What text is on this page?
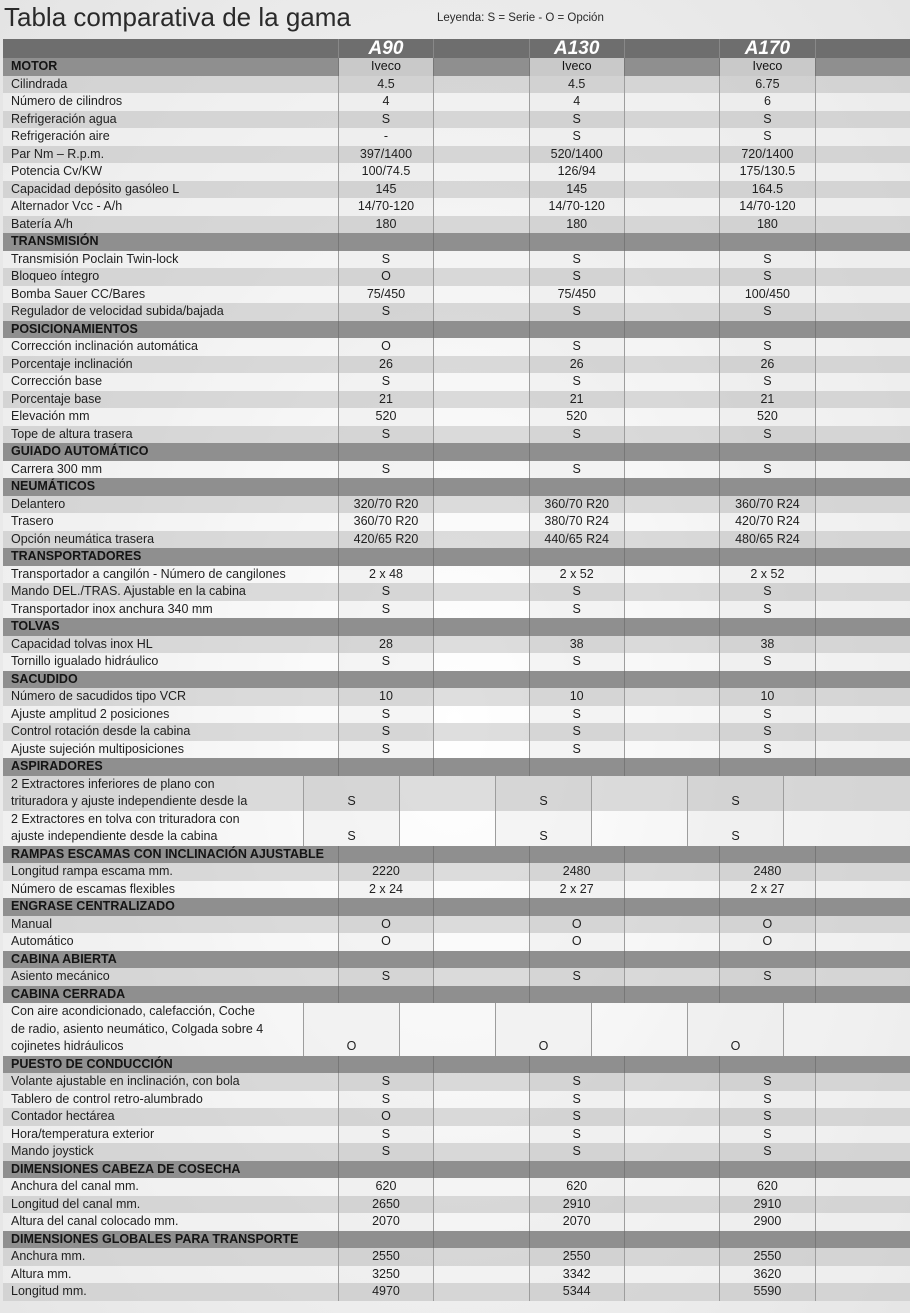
Tabla comparativa de la gama	Leyenda: S = Serie - O = Opción
A90	A130	A170
MOTOR	Iveco	Iveco	Iveco
Cilindrada	4.5	4.5	6.75
Número de cilindros	4	4	6
Refrigeración agua	S	S	S
Refrigeración aire	-	S	S
Par Nm – R.p.m.	397/1400	520/1400	720/1400
Potencia Cv/KW	100/74.5	126/94	175/130.5
Capacidad depósito gasóleo L	145	145	164.5
Alternador Vcc - A/h	14/70-120	14/70-120	14/70-120
Batería A/h	180	180	180
TRANSMISIÓN
Transmisión Poclain Twin-lock	S	S	S
Bloqueo íntegro	O	S	S
Bomba Sauer CC/Bares	75/450	75/450	100/450
Regulador de velocidad subida/bajada	S	S	S
POSICIONAMIENTOS
Corrección inclinación automática	O	S	S
Porcentaje inclinación	26	26	26
Corrección base	S	S	S
Porcentaje base	21	21	21
Elevación mm	520	520	520
Tope de altura trasera	S	S	S
GUIADO AUTOMÁTICO
Carrera 300 mm	S	S	S
NEUMÁTICOS
Delantero	320/70 R20	360/70 R20	360/70 R24
Trasero	360/70 R20	380/70 R24	420/70 R24
Opción neumática trasera	420/65 R20	440/65 R24	480/65 R24
TRANSPORTADORES
Transportador a cangilón - Número de cangilones	2 x 48	2 x 52	2 x 52
Mando DEL./TRAS. Ajustable en la cabina	S	S	S
Transportador inox anchura 340 mm	S	S	S
TOLVAS
Capacidad tolvas inox HL	28	38	38
Tornillo igualado hidráulico	S	S	S
SACUDIDO
Número de sacudidos tipo VCR	10	10	10
Ajuste amplitud 2 posiciones	S	S	S
Control rotación desde la cabina	S	S	S
Ajuste sujeción multiposiciones	S	S	S
ASPIRADORES
2 Extractores inferiores de plano con trituradora y ajuste independiente desde la	S	S	S
2 Extractores en tolva con trituradora con ajuste independiente desde la cabina	S	S	S
RAMPAS ESCAMAS CON INCLINACIÓN AJUSTABLE
Longitud rampa escama mm.	2220	2480	2480
Número de escamas flexibles	2 x 24	2 x 27	2 x 27
ENGRASE CENTRALIZADO
Manual	O	O	O
Automático	O	O	O
CABINA ABIERTA
Asiento mecánico	S	S	S
CABINA CERRADA
Con aire acondicionado, calefacción, Coche de radio, asiento neumático, Colgada sobre 4 cojinetes hidráulicos	O	O	O
PUESTO DE CONDUCCIÓN
Volante ajustable en inclinación, con bola	S	S	S
Tablero de control retro-alumbrado	S	S	S
Contador hectárea	O	S	S
Hora/temperatura exterior	S	S	S
Mando joystick	S	S	S
DIMENSIONES CABEZA DE COSECHA
Anchura del canal mm.	620	620	620
Longitud del canal mm.	2650	2910	2910
Altura del canal colocado mm.	2070	2070	2900
DIMENSIONES GLOBALES PARA TRANSPORTE
Anchura mm.	2550	2550	2550
Altura mm.	3250	3342	3620
Longitud mm.	4970	5344	5590
